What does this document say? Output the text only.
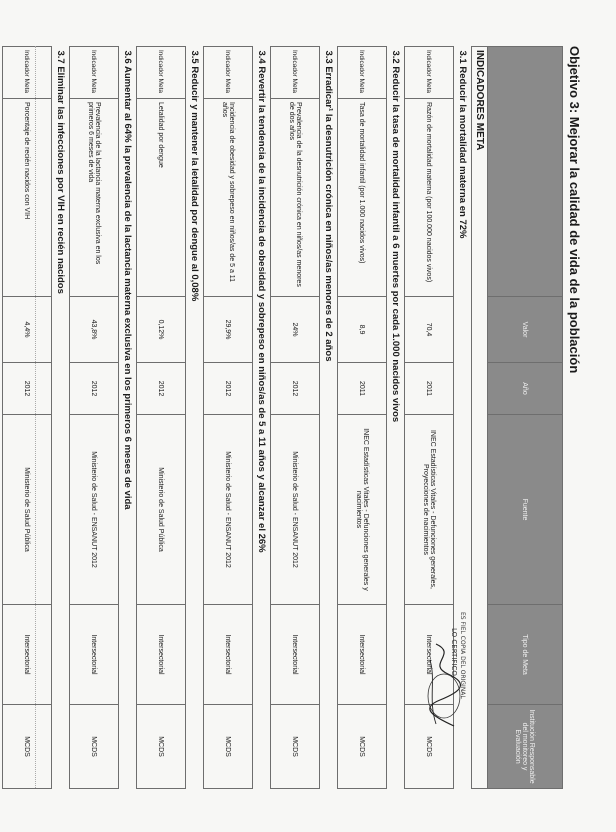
Objetivo 3: Mejorar la calidad de vida de la población
		Valor	Año	Fuente	Tipo de Meta	Institución Responsable del monitoreo y Evaluación
INDICADORES META						
3.1 Reducir la mortalidad materna en 72%						
Indicador Meta	Razón de mortalidad materna (por 100.000 nacidos vivos)	70,4	2011	INEC Estadísticas Vitales - Defunciones generales, Proyecciones de nacimientos	Intersectorial	MCDS
3.2 Reducir la tasa de mortalidad infantil a 6 muertes por cada 1.000 nacidos vivos						
Indicador Meta	Tasa de mortalidad infantil (por 1.000 nacidos vivos)	8,9	2011	INEC Estadísticas Vitales - Defunciones generales y nacimientos	Intersectorial	MCDS
3.3 Erradicar¹ la desnutrición crónica en niños/as menores de 2 años						
Indicador Meta	Prevalencia de la desnutrición crónica en niños/as menores de dos años	24%	2012	Ministerio de Salud - ENSANUT 2012	Intersectorial	MCDS
3.4 Revertir la tendencia de la incidencia de obesidad y sobrepeso en niños/as de 5 a 11 años y alcanzar el 26%						
Indicador Meta	Incidencia de obesidad y sobrepeso en niños/as de 5 a 11 años	29,9%	2012	Ministerio de Salud - ENSANUT 2012	Intersectorial	MCDS
3.5 Reducir y mantener la letalidad por dengue al 0,08%						
Indicador Meta	Letalidad por dengue	0,12%	2012	Ministerio de Salud Pública	Intersectorial	MCDS
3.6 Aumentar al 64% la prevalencia de la lactancia materna exclusiva en los primeros 6 meses de vida						
Indicador Meta	Prevalencia de la lactancia materna exclusiva en los primeros 6 meses de vida	43,8%	2012	Ministerio de Salud - ENSANUT 2012	Intersectorial	MCDS
3.7 Eliminar las infecciones por VIH en recién nacidos						
Indicador Meta	Porcentaje de recién nacidos con VIH	4,4%	2012	Ministerio de Salud Pública	Intersectorial	MCDS

ES FIEL COPIA DEL ORIGINAL
LO CERTIFICO
